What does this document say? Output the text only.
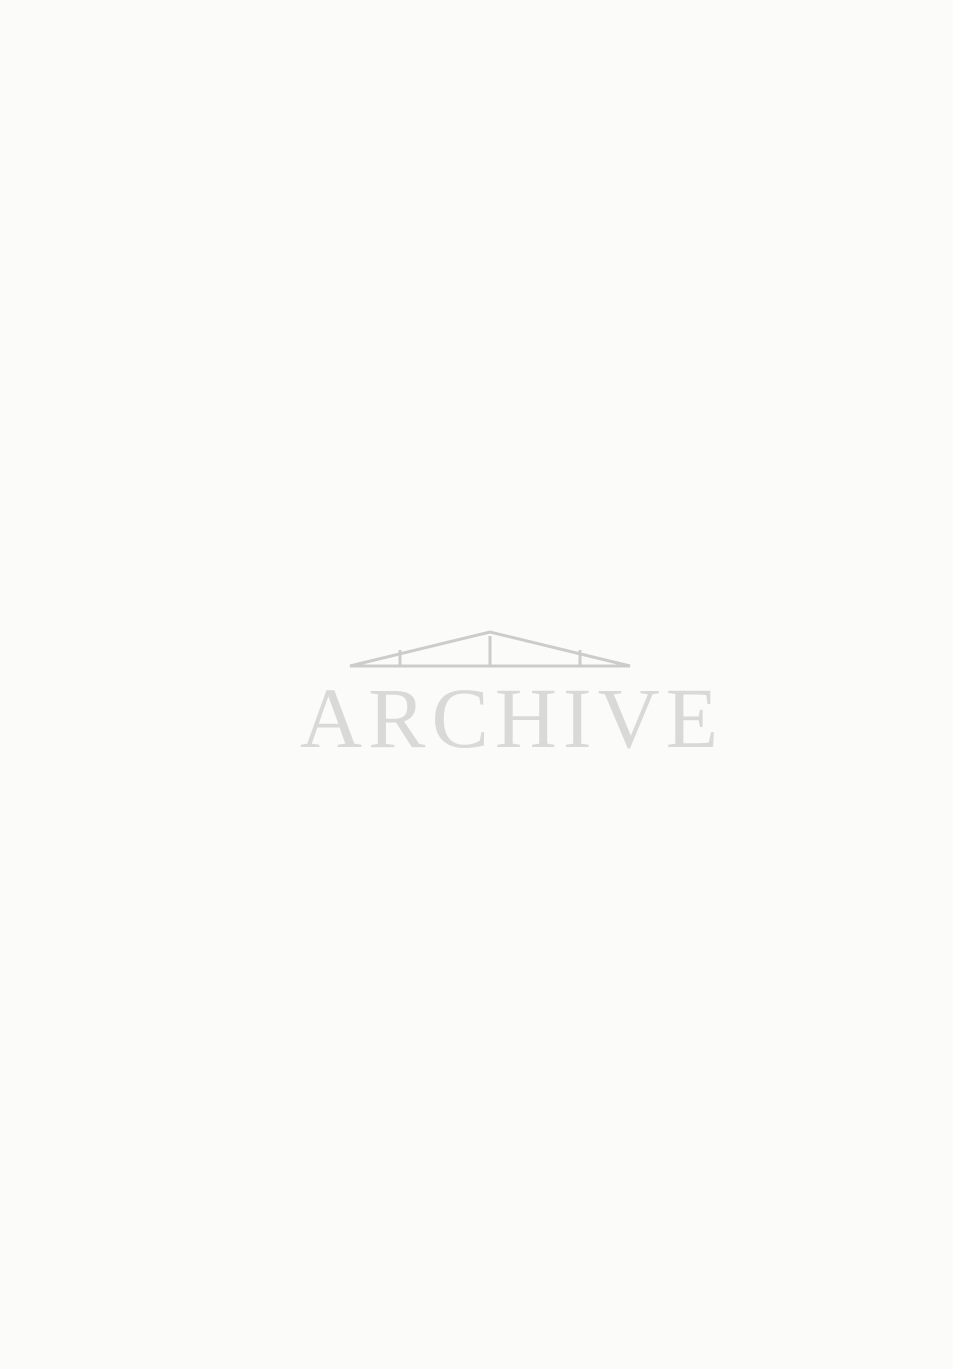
ARCHIVE
